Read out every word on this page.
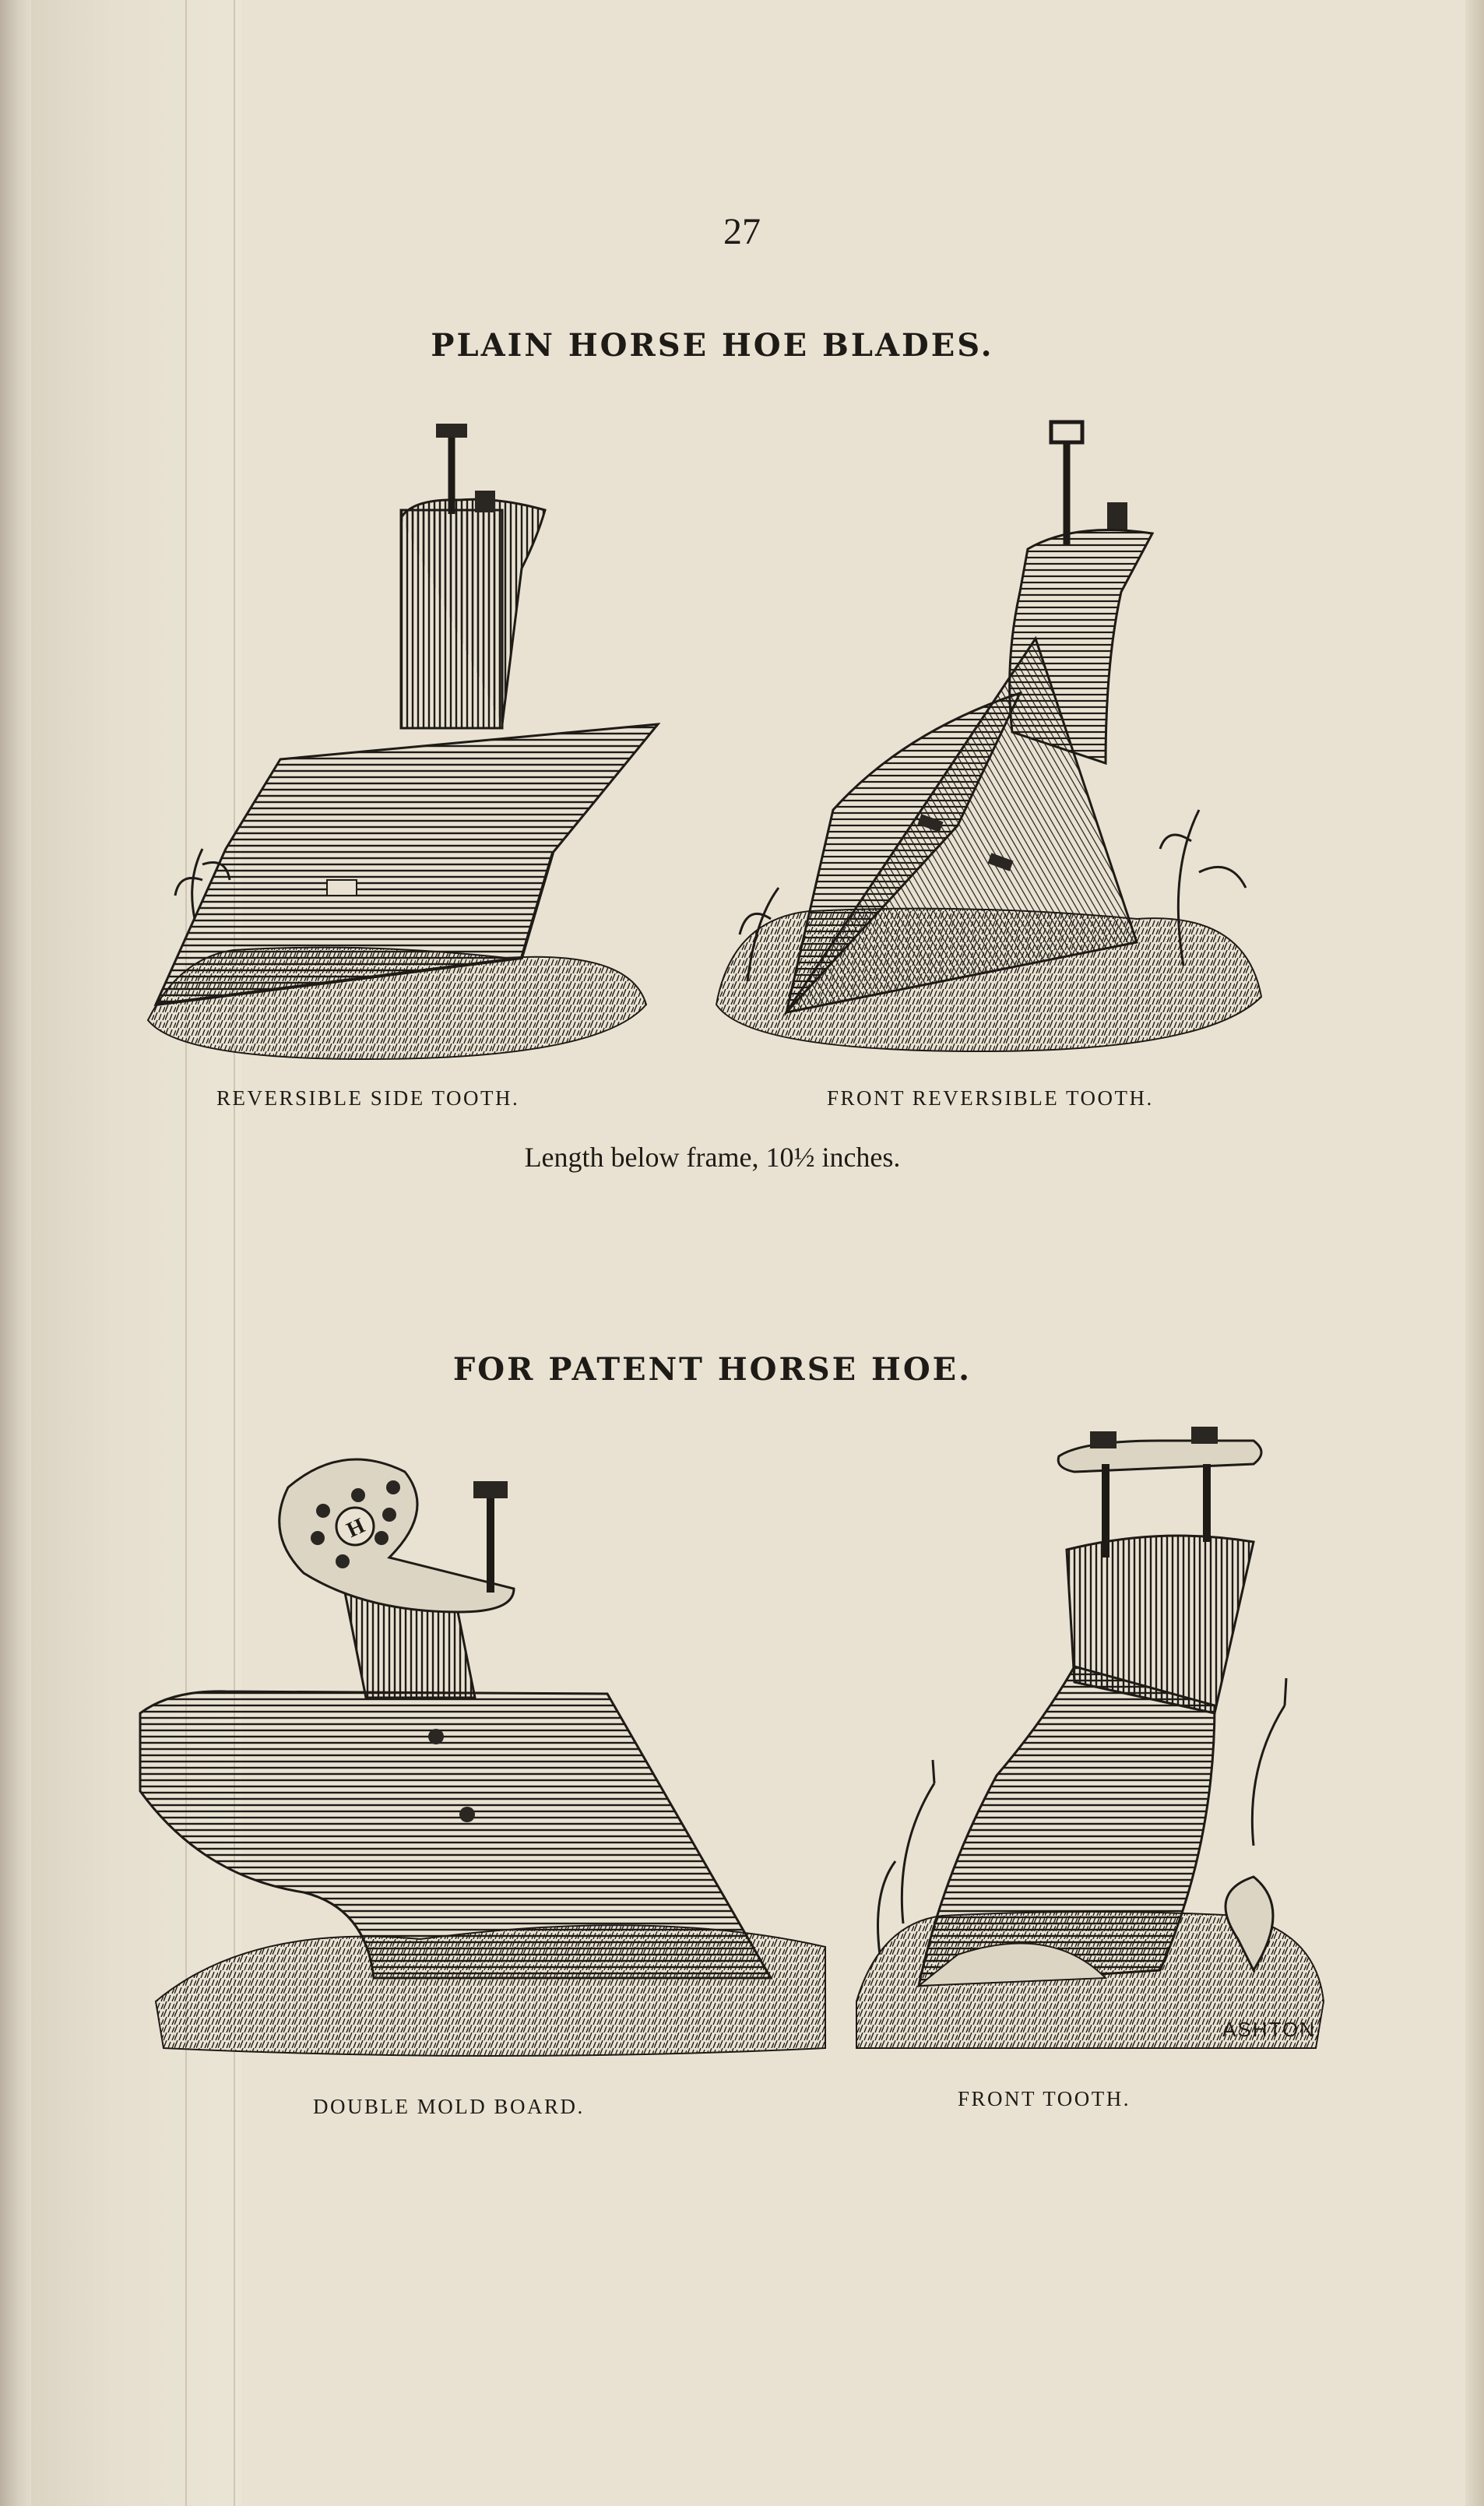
27
PLAIN HORSE HOE BLADES.
REVERSIBLE SIDE TOOTH.	FRONT REVERSIBLE TOOTH.
Length below frame, 10½ inches.
FOR PATENT HORSE HOE.
H
ASHTON
DOUBLE MOLD BOARD.	FRONT TOOTH.
